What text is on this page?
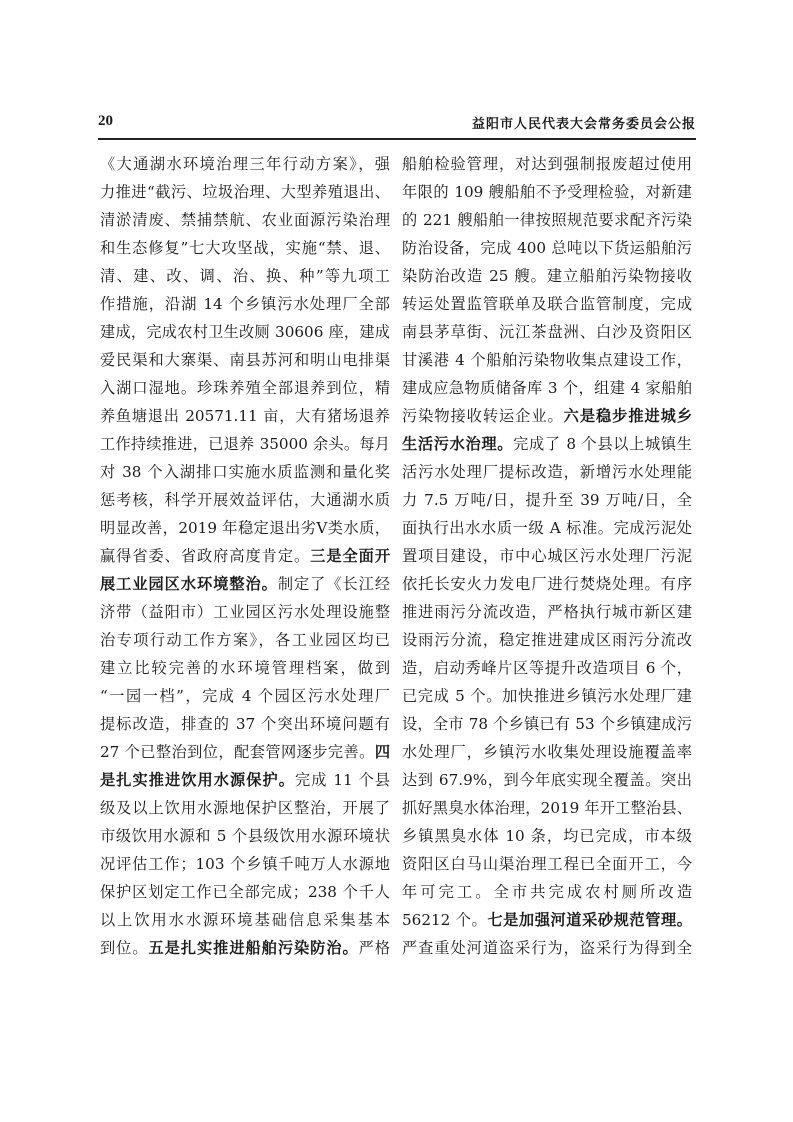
20	益阳市人民代表大会常务委员会公报
《大通湖水环境治理三年行动方案》，强
力推进“截污、垃圾治理、大型养殖退出、
清淤清废、禁捕禁航、农业面源污染治理
和生态修复”七大攻坚战，实施“禁、退、
清、建、改、调、治、换、种”等九项工
作措施，沿湖 14 个乡镇污水处理厂全部
建成，完成农村卫生改厕 30606 座，建成
爱民渠和大寨渠、南县苏河和明山电排渠
入湖口湿地。珍珠养殖全部退养到位，精
养鱼塘退出 20571.11 亩，大有猪场退养
工作持续推进，已退养 35000 余头。每月
对 38 个入湖排口实施水质监测和量化奖
惩考核，科学开展效益评估，大通湖水质
明显改善，2019 年稳定退出劣Ⅴ类水质，
赢得省委、省政府高度肯定。三是全面开
展工业园区水环境整治。制定了《长江经
济带（益阳市）工业园区污水处理设施整
治专项行动工作方案》，各工业园区均已
建立比较完善的水环境管理档案，做到
“一园一档”，完成 4 个园区污水处理厂
提标改造，排查的 37 个突出环境问题有
27 个已整治到位，配套管网逐步完善。四
是扎实推进饮用水源保护。完成 11 个县
级及以上饮用水源地保护区整治，开展了
市级饮用水源和 5 个县级饮用水源环境状
况评估工作；103 个乡镇千吨万人水源地
保护区划定工作已全部完成；238 个千人
以上饮用水水源环境基础信息采集基本
到位。五是扎实推进船舶污染防治。严格
船舶检验管理，对达到强制报废超过使用
年限的 109 艘船舶不予受理检验，对新建
的 221 艘船舶一律按照规范要求配齐污染
防治设备，完成 400 总吨以下货运船舶污
染防治改造 25 艘。建立船舶污染物接收
转运处置监管联单及联合监管制度，完成
南县茅草街、沅江茶盘洲、白沙及资阳区
甘溪港 4 个船舶污染物收集点建设工作，
建成应急物质储备库 3 个，组建 4 家船舶
污染物接收转运企业。六是稳步推进城乡
生活污水治理。完成了 8 个县以上城镇生
活污水处理厂提标改造，新增污水处理能
力 7.5 万吨/日，提升至 39 万吨/日，全
面执行出水水质一级 A 标准。完成污泥处
置项目建设，市中心城区污水处理厂污泥
依托长安火力发电厂进行焚烧处理。有序
推进雨污分流改造，严格执行城市新区建
设雨污分流，稳定推进建成区雨污分流改
造，启动秀峰片区等提升改造项目 6 个，
已完成 5 个。加快推进乡镇污水处理厂建
设，全市 78 个乡镇已有 53 个乡镇建成污
水处理厂，乡镇污水收集处理设施覆盖率
达到 67.9%，到今年底实现全覆盖。突出
抓好黑臭水体治理，2019 年开工整治县、
乡镇黑臭水体 10 条，均已完成，市本级
资阳区白马山渠治理工程已全面开工，今
年可完工。全市共完成农村厕所改造
56212 个。七是加强河道采砂规范管理。
严查重处河道盗采行为，盗采行为得到全
